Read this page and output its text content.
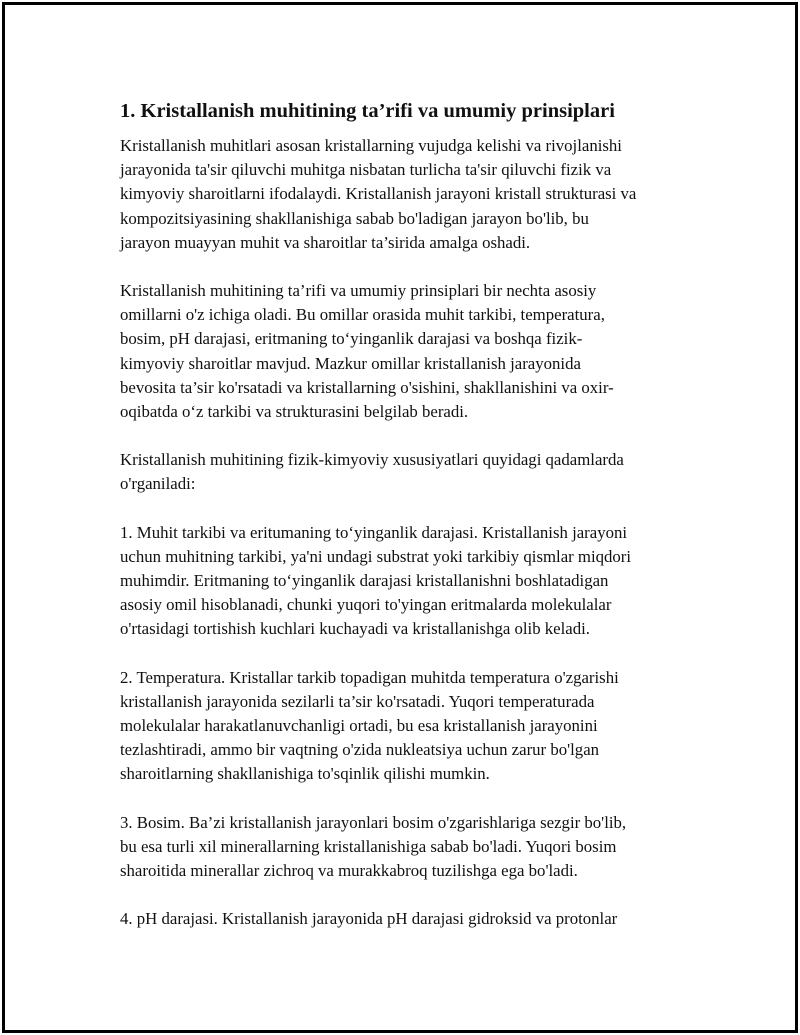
1. Kristallanish muhitining ta’rifi va umumiy prinsiplari

Kristallanish muhitlari asosan kristallarning vujudga kelishi va rivojlanishi
jarayonida ta'sir qiluvchi muhitga nisbatan turlicha ta'sir qiluvchi fizik va
kimyoviy sharoitlarni ifodalaydi. Kristallanish jarayoni kristall strukturasi va
kompozitsiyasining shakllanishiga sabab bo'ladigan jarayon bo'lib, bu
jarayon muayyan muhit va sharoitlar ta’sirida amalga oshadi.

Kristallanish muhitining ta’rifi va umumiy prinsiplari bir nechta asosiy
omillarni o'z ichiga oladi. Bu omillar orasida muhit tarkibi, temperatura,
bosim, pH darajasi, eritmaning to‘yinganlik darajasi va boshqa fizik-
kimyoviy sharoitlar mavjud. Mazkur omillar kristallanish jarayonida
bevosita ta’sir ko'rsatadi va kristallarning o'sishini, shakllanishini va oxir-
oqibatda o‘z tarkibi va strukturasini belgilab beradi.

Kristallanish muhitining fizik-kimyoviy xususiyatlari quyidagi qadamlarda
o'rganiladi:

1. Muhit tarkibi va eritumaning to‘yinganlik darajasi. Kristallanish jarayoni
uchun muhitning tarkibi, ya'ni undagi substrat yoki tarkibiy qismlar miqdori
muhimdir. Eritmaning to‘yinganlik darajasi kristallanishni boshlatadigan
asosiy omil hisoblanadi, chunki yuqori to'yingan eritmalarda molekulalar
o'rtasidagi tortishish kuchlari kuchayadi va kristallanishga olib keladi.

2. Temperatura. Kristallar tarkib topadigan muhitda temperatura o'zgarishi
kristallanish jarayonida sezilarli ta’sir ko'rsatadi. Yuqori temperaturada
molekulalar harakatlanuvchanligi ortadi, bu esa kristallanish jarayonini
tezlashtiradi, ammo bir vaqtning o'zida nukleatsiya uchun zarur bo'lgan
sharoitlarning shakllanishiga to'sqinlik qilishi mumkin.

3. Bosim. Ba’zi kristallanish jarayonlari bosim o'zgarishlariga sezgir bo'lib,
bu esa turli xil minerallarning kristallanishiga sabab bo'ladi. Yuqori bosim
sharoitida minerallar zichroq va murakkabroq tuzilishga ega bo'ladi.

4. pH darajasi. Kristallanish jarayonida pH darajasi gidroksid va protonlar
